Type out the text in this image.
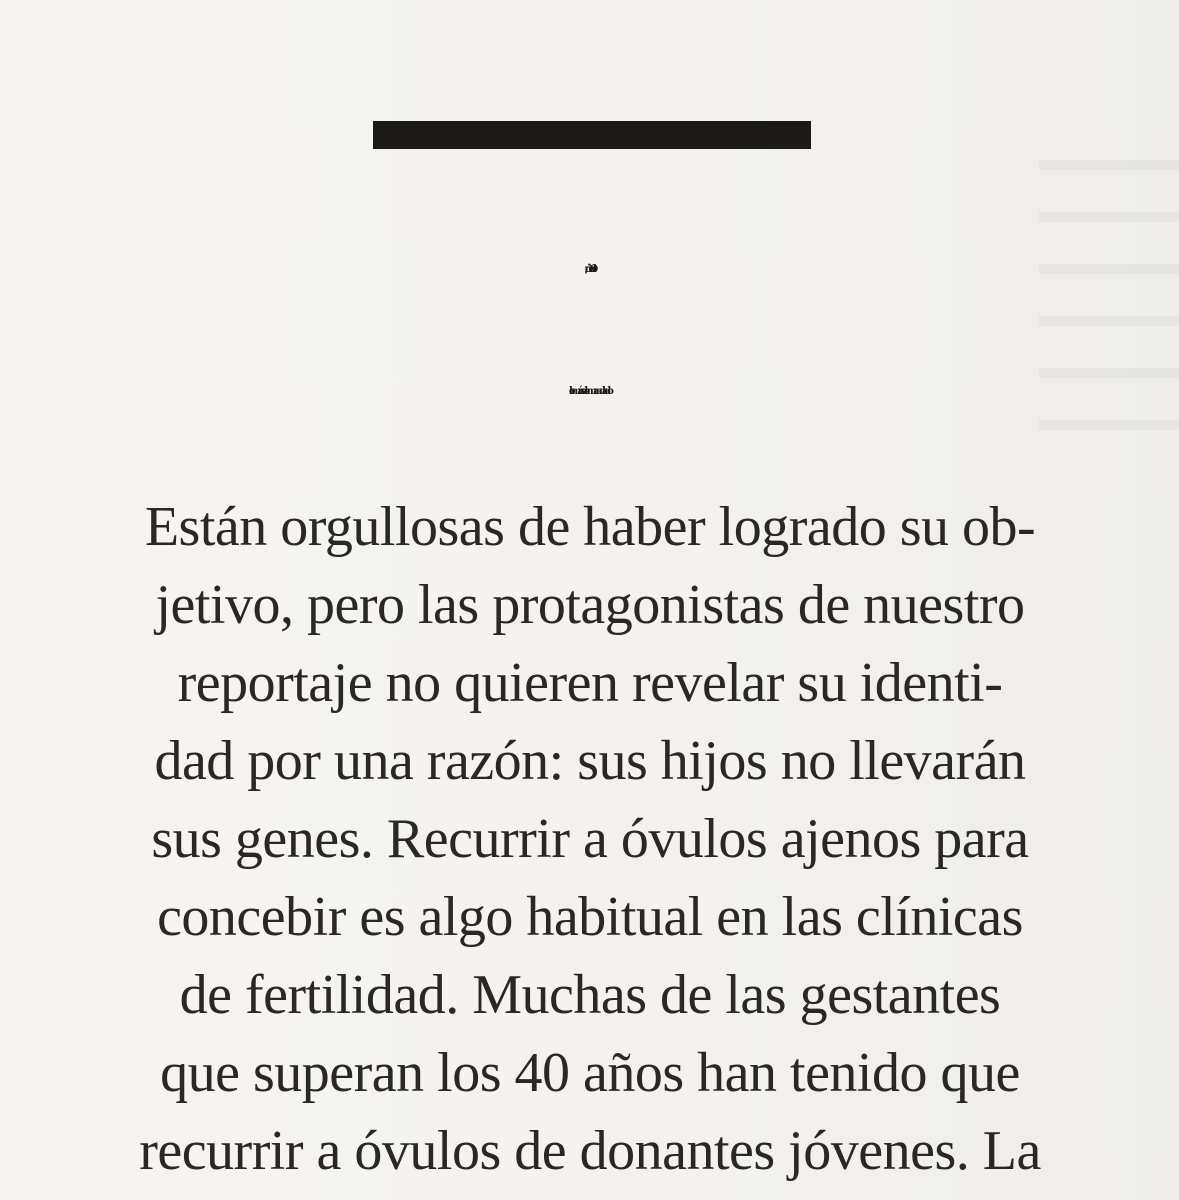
lo más demandado
Están orgullosas de haber logrado su ob-
jetivo, pero las protagonistas de nuestro
reportaje no quieren revelar su identi-
dad por una razón: sus hijos no llevarán
sus genes. Recurrir a óvulos ajenos para
concebir es algo habitual en las clínicas
de fertilidad. Muchas de las gestantes
que superan los 40 años han tenido que
recurrir a óvulos de donantes jóvenes. La
